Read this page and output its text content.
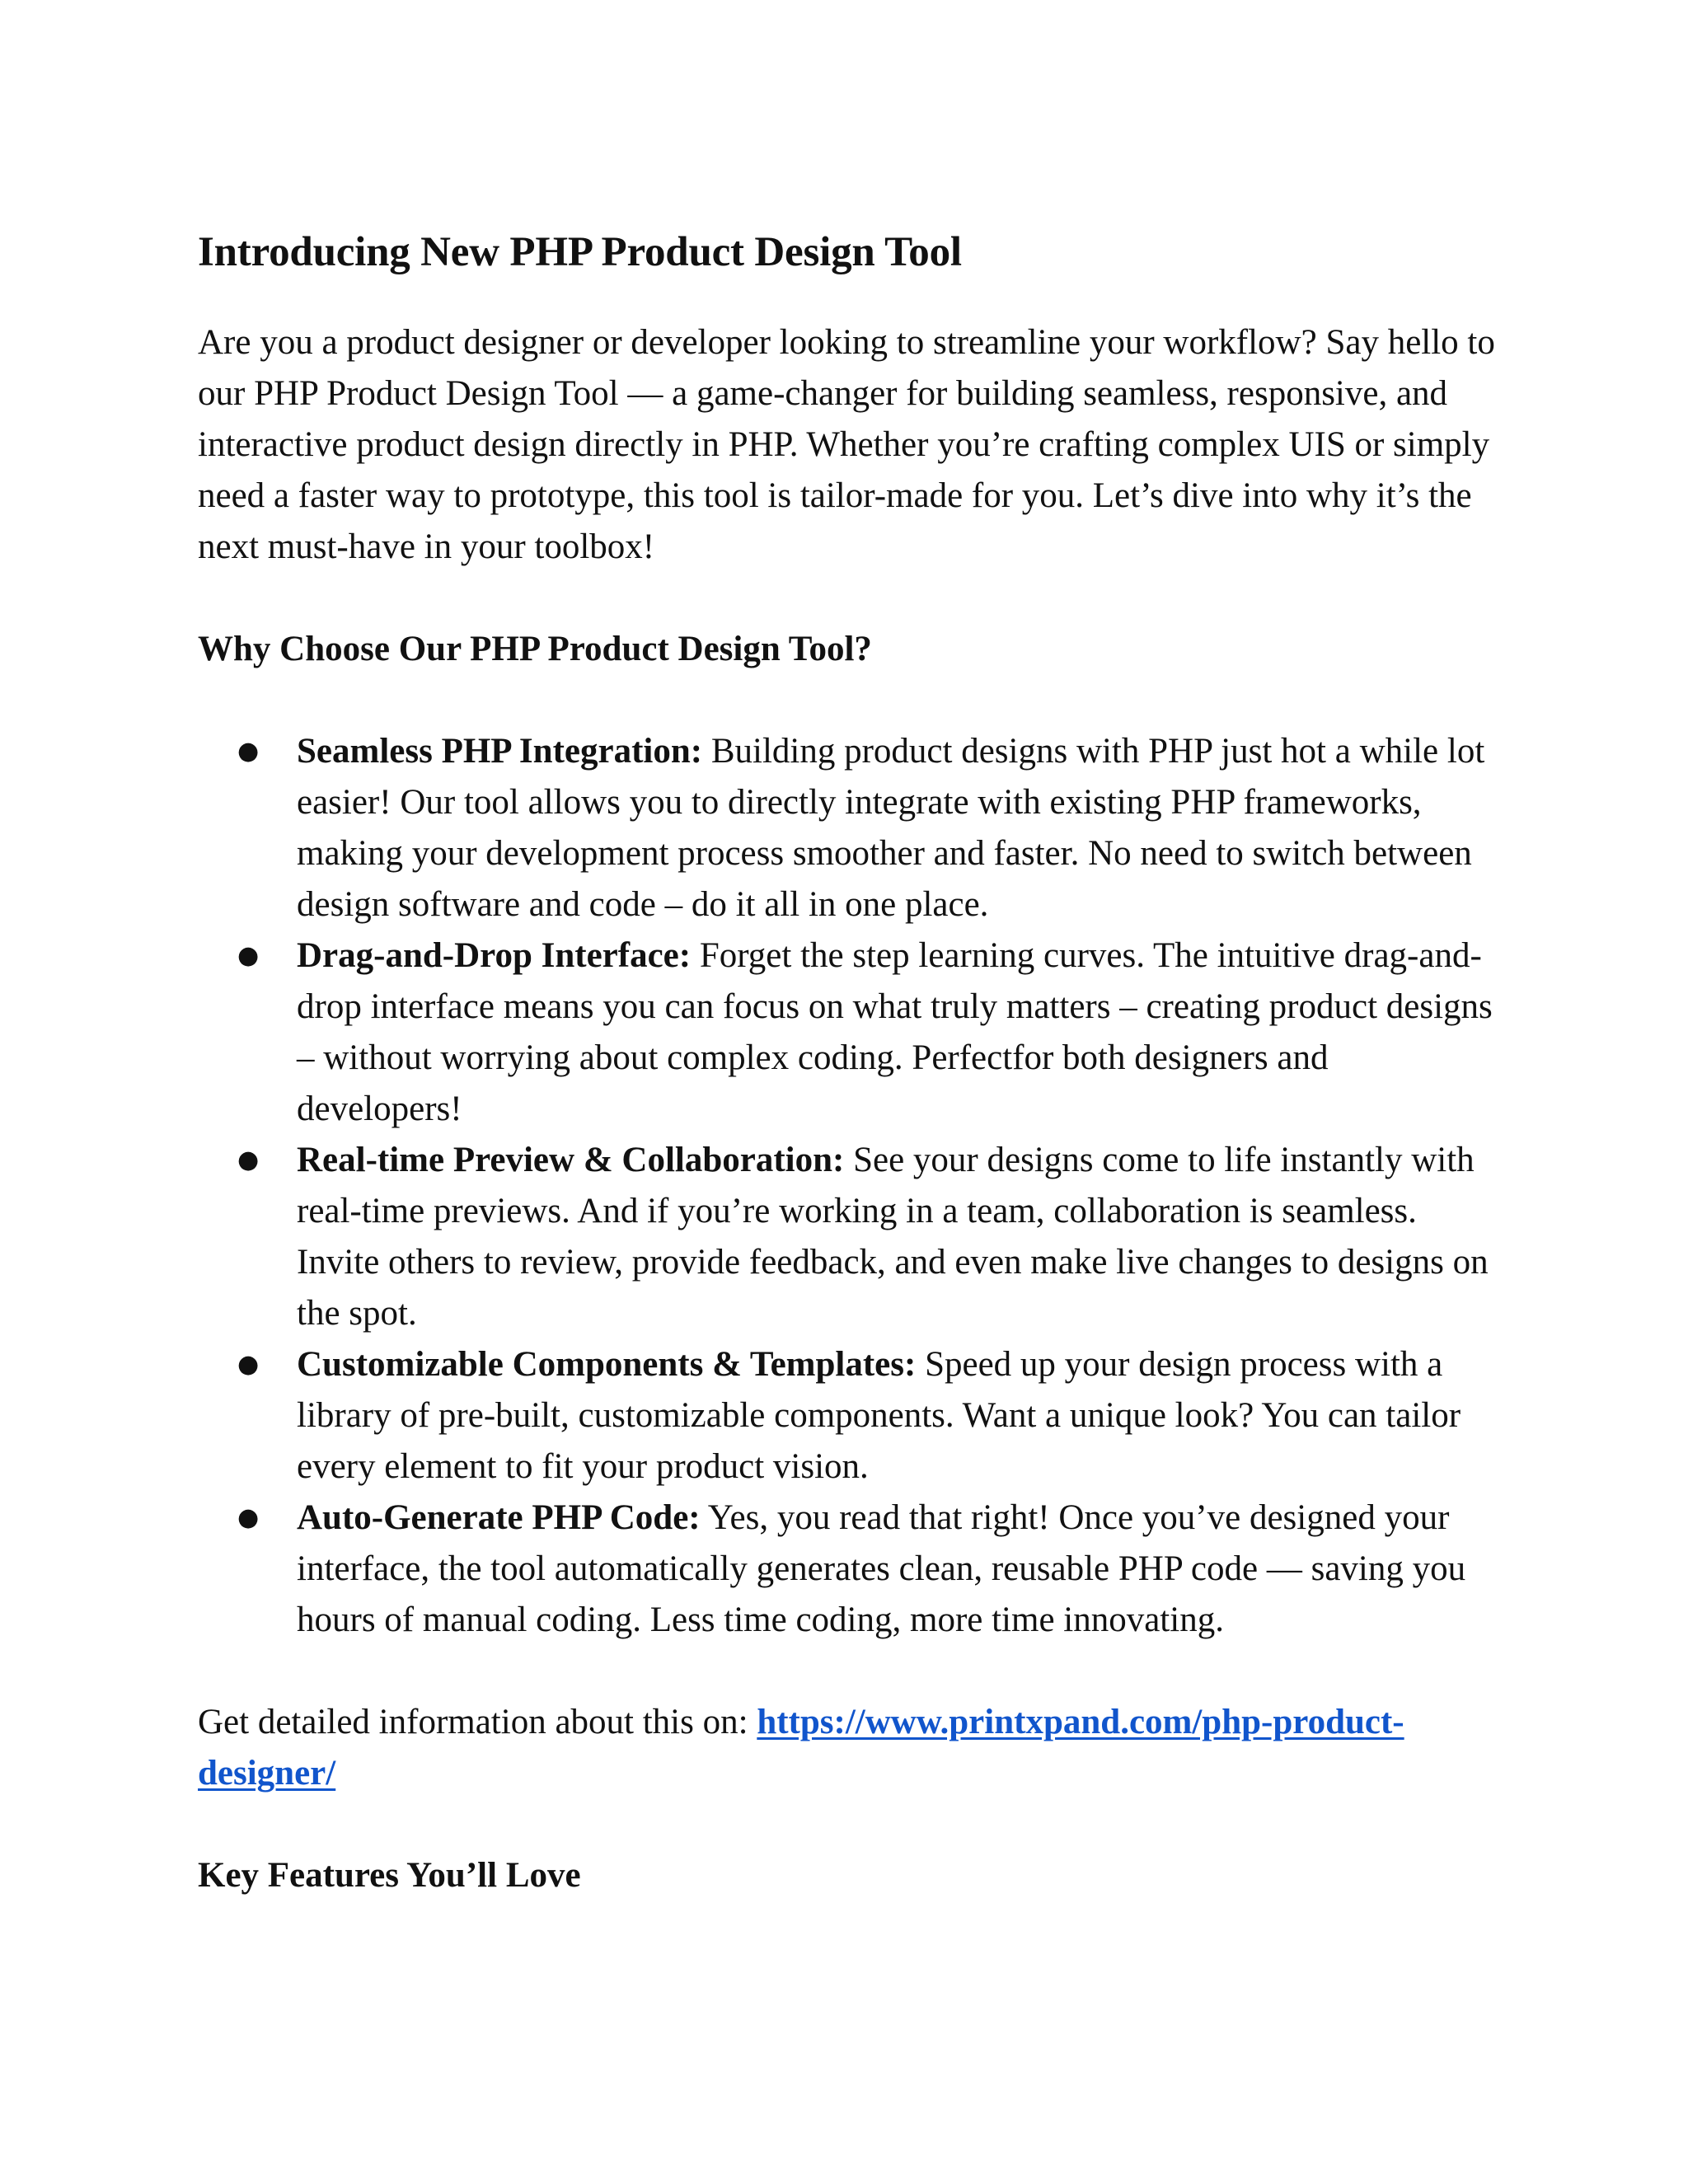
Introducing New PHP Product Design Tool

Are you a product designer or developer looking to streamline your workflow? Say hello to our PHP Product Design Tool — a game-changer for building seamless, responsive, and interactive product design directly in PHP. Whether you’re crafting complex UIS or simply need a faster way to prototype, this tool is tailor-made for you. Let’s dive into why it’s the next must-have in your toolbox!

Why Choose Our PHP Product Design Tool?
● Seamless PHP Integration: Building product designs with PHP just hot a while lot easier! Our tool allows you to directly integrate with existing PHP frameworks, making your development process smoother and faster. No need to switch between design software and code – do it all in one place.
● Drag-and-Drop Interface: Forget the step learning curves. The intuitive drag-and-drop interface means you can focus on what truly matters – creating product designs – without worrying about complex coding. Perfectfor both designers and developers!
● Real-time Preview & Collaboration: See your designs come to life instantly with real-time previews. And if you’re working in a team, collaboration is seamless. Invite others to review, provide feedback, and even make live changes to designs on the spot.
● Customizable Components & Templates: Speed up your design process with a library of pre-built, customizable components. Want a unique look? You can tailor every element to fit your product vision.
● Auto-Generate PHP Code: Yes, you read that right! Once you’ve designed your interface, the tool automatically generates clean, reusable PHP code — saving you hours of manual coding. Less time coding, more time innovating.

Get detailed information about this on: https://www.printxpand.com/php-product-designer/

Key Features You’ll Love
